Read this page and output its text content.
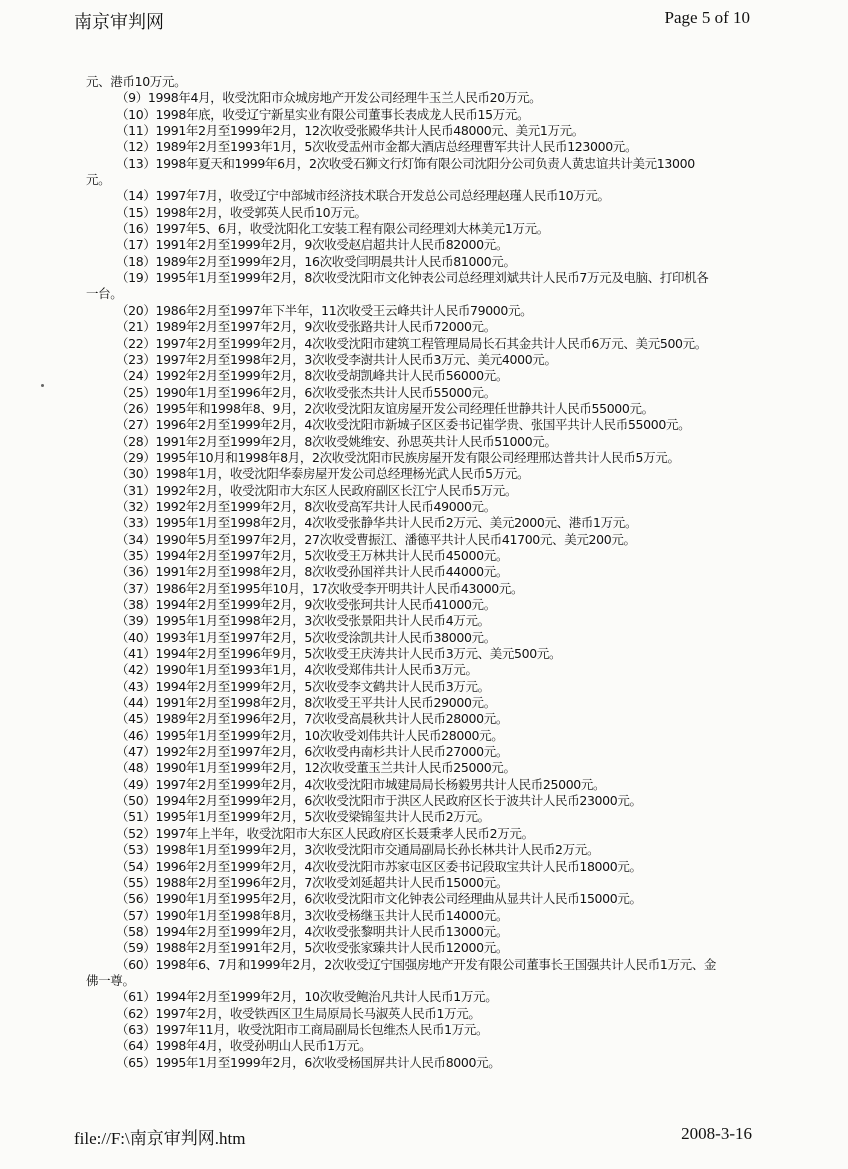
南京审判网	Page 5 of 10

元、港币10万元。

（9）1998年4月，收受沈阳市众城房地产开发公司经理牛玉兰人民币20万元。

（10）1998年底，收受辽宁新星实业有限公司董事长表成龙人民币15万元。

（11）1991年2月至1999年2月，12次收受张殿华共计人民币48000元、美元1万元。

（12）1989年2月至1993年1月，5次收受盂州市金都大酒店总经理曹军共计人民币123000元。

（13）1998年夏天和1999年6月，2次收受石狮文行灯饰有限公司沈阳分公司负责人黄忠谊共计美元13000元。

（14）1997年7月，收受辽宁中部城市经济技术联合开发总公司总经理赵瑾人民币10万元。

（15）1998年2月，收受郭英人民币10万元。

（16）1997年5、6月，收受沈阳化工安装工程有限公司经理刘大林美元1万元。

（17）1991年2月至1999年2月，9次收受赵启超共计人民币82000元。

（18）1989年2月至1999年2月，16次收受闫明晨共计人民币81000元。

（19）1995年1月至1999年2月，8次收受沈阳市文化钟表公司总经理刘斌共计人民币7万元及电脑、打印机各一台。

（20）1986年2月至1997年下半年，11次收受王云峰共计人民币79000元。

（21）1989年2月至1997年2月，9次收受张路共计人民币72000元。

（22）1997年2月至1999年2月，4次收受沈阳市建筑工程管理局局长石其金共计人民币6万元、美元500元。

（23）1997年2月至1998年2月，3次收受李澍共计人民币3万元、美元4000元。

（24）1992年2月至1999年2月，8次收受胡凯峰共计人民币56000元。

（25）1990年1月至1996年2月，6次收受张杰共计人民币55000元。

（26）1995年和1998年8、9月，2次收受沈阳友谊房屋开发公司经理任世静共计人民币55000元。

（27）1996年2月至1999年2月，4次收受沈阳市新城子区区委书记崔学贵、张国平共计人民币55000元。

（28）1991年2月至1999年2月，8次收受姚维安、孙思英共计人民币51000元。

（29）1995年10月和1998年8月，2次收受沈阳市民族房屋开发有限公司经理邢达普共计人民币5万元。

（30）1998年1月，收受沈阳华泰房屋开发公司总经理杨光武人民币5万元。

（31）1992年2月，收受沈阳市大东区人民政府副区长江宁人民币5万元。

（32）1992年2月至1999年2月，8次收受高军共计人民币49000元。

（33）1995年1月至1998年2月，4次收受张静华共计人民币2万元、美元2000元、港币1万元。

（34）1990年5月至1997年2月，27次收受曹振江、潘德平共计人民币41700元、美元200元。

（35）1994年2月至1997年2月，5次收受王万林共计人民币45000元。

（36）1991年2月至1998年2月，8次收受孙国祥共计人民币44000元。

（37）1986年2月至1995年10月，17次收受李开明共计人民币43000元。

（38）1994年2月至1999年2月，9次收受张珂共计人民币41000元。

（39）1995年1月至1998年2月，3次收受张景阳共计人民币4万元。

（40）1993年1月至1997年2月，5次收受涂凯共计人民币38000元。

（41）1994年2月至1996年9月，5次收受王庆涛共计人民币3万元、美元500元。

（42）1990年1月至1993年1月，4次收受郑伟共计人民币3万元。

（43）1994年2月至1999年2月，5次收受李文鹤共计人民币3万元。

（44）1991年2月至1998年2月，8次收受王平共计人民币29000元。

（45）1989年2月至1996年2月，7次收受高晨秋共计人民币28000元。

（46）1995年1月至1999年2月，10次收受刘伟共计人民币28000元。

（47）1992年2月至1997年2月，6次收受冉南杉共计人民币27000元。

（48）1990年1月至1999年2月，12次收受董玉兰共计人民币25000元。

（49）1997年2月至1999年2月，4次收受沈阳市城建局局长杨毅男共计人民币25000元。

（50）1994年2月至1999年2月，6次收受沈阳市于洪区人民政府区长于波共计人民币23000元。

（51）1995年1月至1999年2月，5次收受梁锦玺共计人民币2万元。

（52）1997年上半年，收受沈阳市大东区人民政府区长聂秉孝人民币2万元。

（53）1998年1月至1999年2月，3次收受沈阳市交通局副局长孙长林共计人民币2万元。

（54）1996年2月至1999年2月，4次收受沈阳市苏家屯区区委书记段取宝共计人民币18000元。

（55）1988年2月至1996年2月，7次收受刘延超共计人民币15000元。

（56）1990年1月至1995年2月，6次收受沈阳市文化钟表公司经理曲从显共计人民币15000元。

（57）1990年1月至1998年8月，3次收受杨继玉共计人民币14000元。

（58）1994年2月至1999年2月，4次收受张黎明共计人民币13000元。

（59）1988年2月至1991年2月，5次收受张家臻共计人民币12000元。

（60）1998年6、7月和1999年2月，2次收受辽宁国强房地产开发有限公司董事长王国强共计人民币1万元、金佛一尊。

（61）1994年2月至1999年2月，10次收受鲍治凡共计人民币1万元。

（62）1997年2月，收受铁西区卫生局原局长马淑英人民币1万元。

（63）1997年11月，收受沈阳市工商局副局长包维杰人民币1万元。

（64）1998年4月，收受孙明山人民币1万元。

（65）1995年1月至1999年2月，6次收受杨国屏共计人民币8000元。

file://F:\南京审判网.htm	2008-3-16
